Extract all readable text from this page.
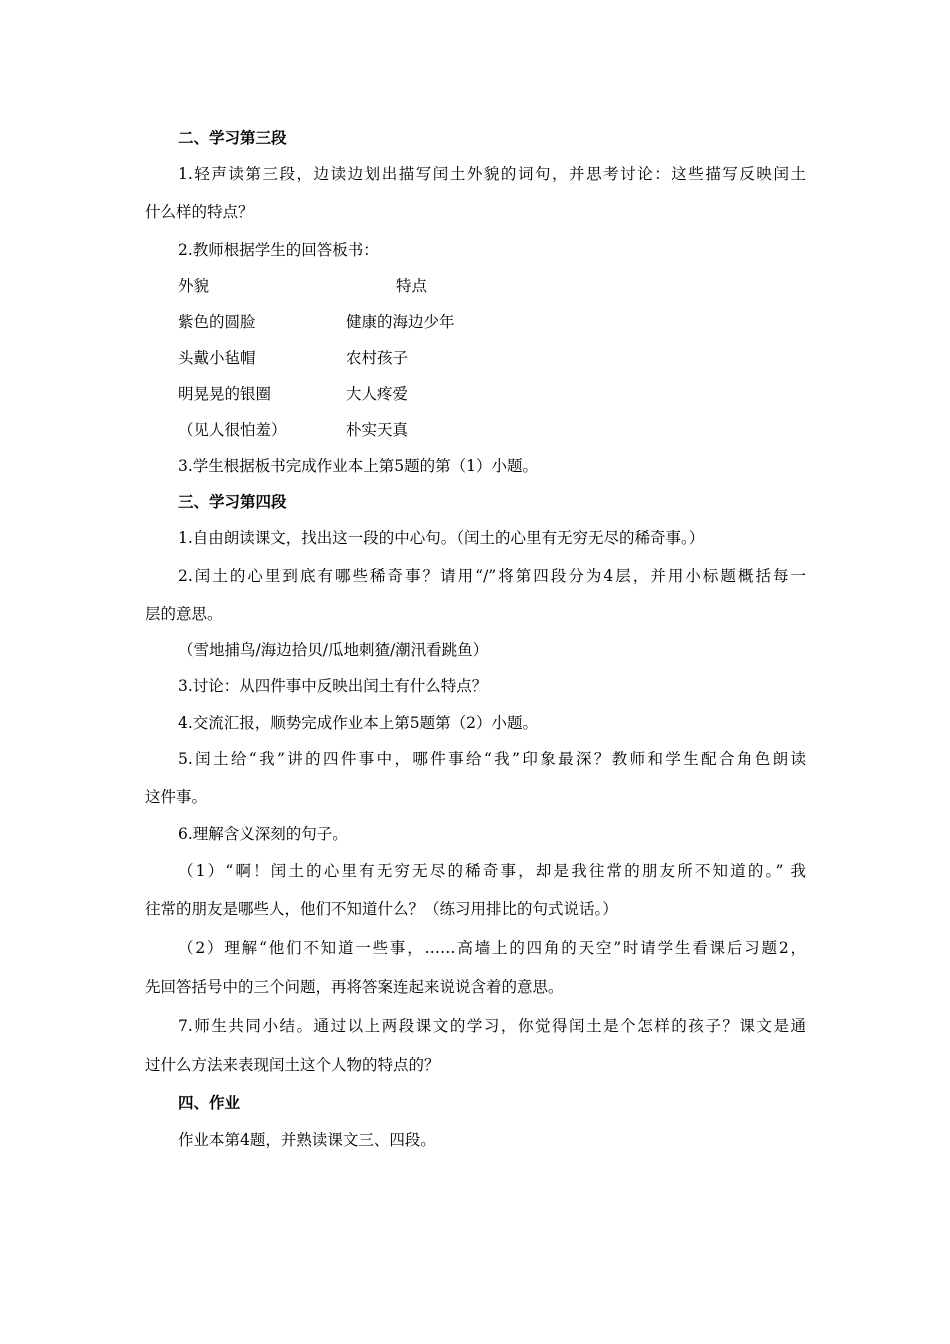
二、学习第三段
1.轻声读第三段，边读边划出描写闰土外貌的词句，并思考讨论：这些描写反映闰土
什么样的特点？
2.教师根据学生的回答板书：
外貌	特点
紫色的圆脸	健康的海边少年
头戴小毡帽	农村孩子
明晃晃的银圈	大人疼爱
（见人很怕羞）	朴实天真
3.学生根据板书完成作业本上第5题的第（1）小题。
三、学习第四段
1.自由朗读课文，找出这一段的中心句。（闰土的心里有无穷无尽的稀奇事。）
2.闰土的心里到底有哪些稀奇事？请用“/”将第四段分为4层，并用小标题概括每一
层的意思。
（雪地捕鸟/海边拾贝/瓜地刺猹/潮汛看跳鱼）
3.讨论：从四件事中反映出闰土有什么特点？
4.交流汇报，顺势完成作业本上第5题第（2）小题。
5.闰土给“我”讲的四件事中，哪件事给“我”印象最深？教师和学生配合角色朗读
这件事。
6.理解含义深刻的句子。
（1）“啊！闰土的心里有无穷无尽的稀奇事，却是我往常的朋友所不知道的。” 我
往常的朋友是哪些人，他们不知道什么？（练习用排比的句式说话。）
（2）理解“他们不知道一些事，……高墙上的四角的天空”时请学生看课后习题2，
先回答括号中的三个问题，再将答案连起来说说含着的意思。
7.师生共同小结。通过以上两段课文的学习，你觉得闰土是个怎样的孩子？课文是通
过什么方法来表现闰土这个人物的特点的？
四、作业
作业本第4题，并熟读课文三、四段。
